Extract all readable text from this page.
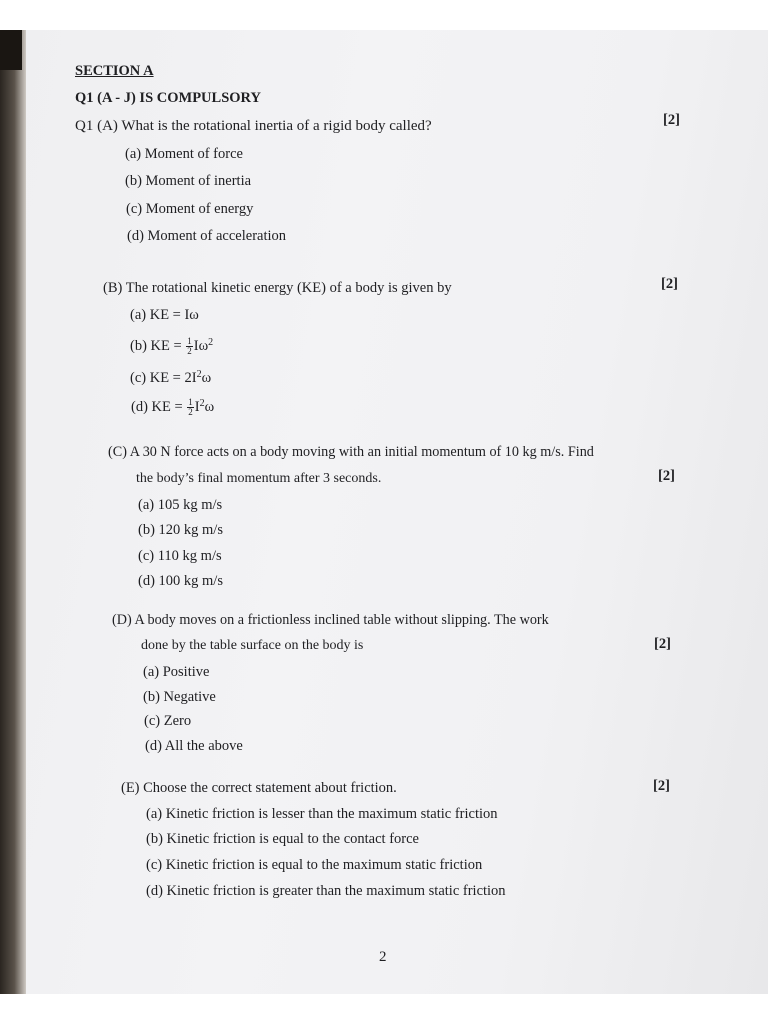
SECTION A
Q1 (A - J) IS COMPULSORY
Q1 (A) What is the rotational inertia of a rigid body called?	[2]
(a) Moment of force
(b) Moment of inertia
(c) Moment of energy
(d) Moment of acceleration
(B) The rotational kinetic energy (KE) of a body is given by	[2]
(a) KE = Iω
(b) KE = $\frac{1}{2} I\omega^2$
(c) KE = $2I^2\omega$
(d) KE = $\frac{1}{2} I^2\omega$
(C) A 30 N force acts on a body moving with an initial momentum of 10 kg m/s. Find
the body’s final momentum after 3 seconds.	[2]
(a) 105 kg m/s
(b) 120 kg m/s
(c) 110 kg m/s
(d) 100 kg m/s
(D) A body moves on a frictionless inclined table without slipping. The work
done by the table surface on the body is	[2]
(a) Positive
(b) Negative
(c) Zero
(d) All the above
(E) Choose the correct statement about friction.	[2]
(a) Kinetic friction is lesser than the maximum static friction
(b) Kinetic friction is equal to the contact force
(c) Kinetic friction is equal to the maximum static friction
(d) Kinetic friction is greater than the maximum static friction
2
